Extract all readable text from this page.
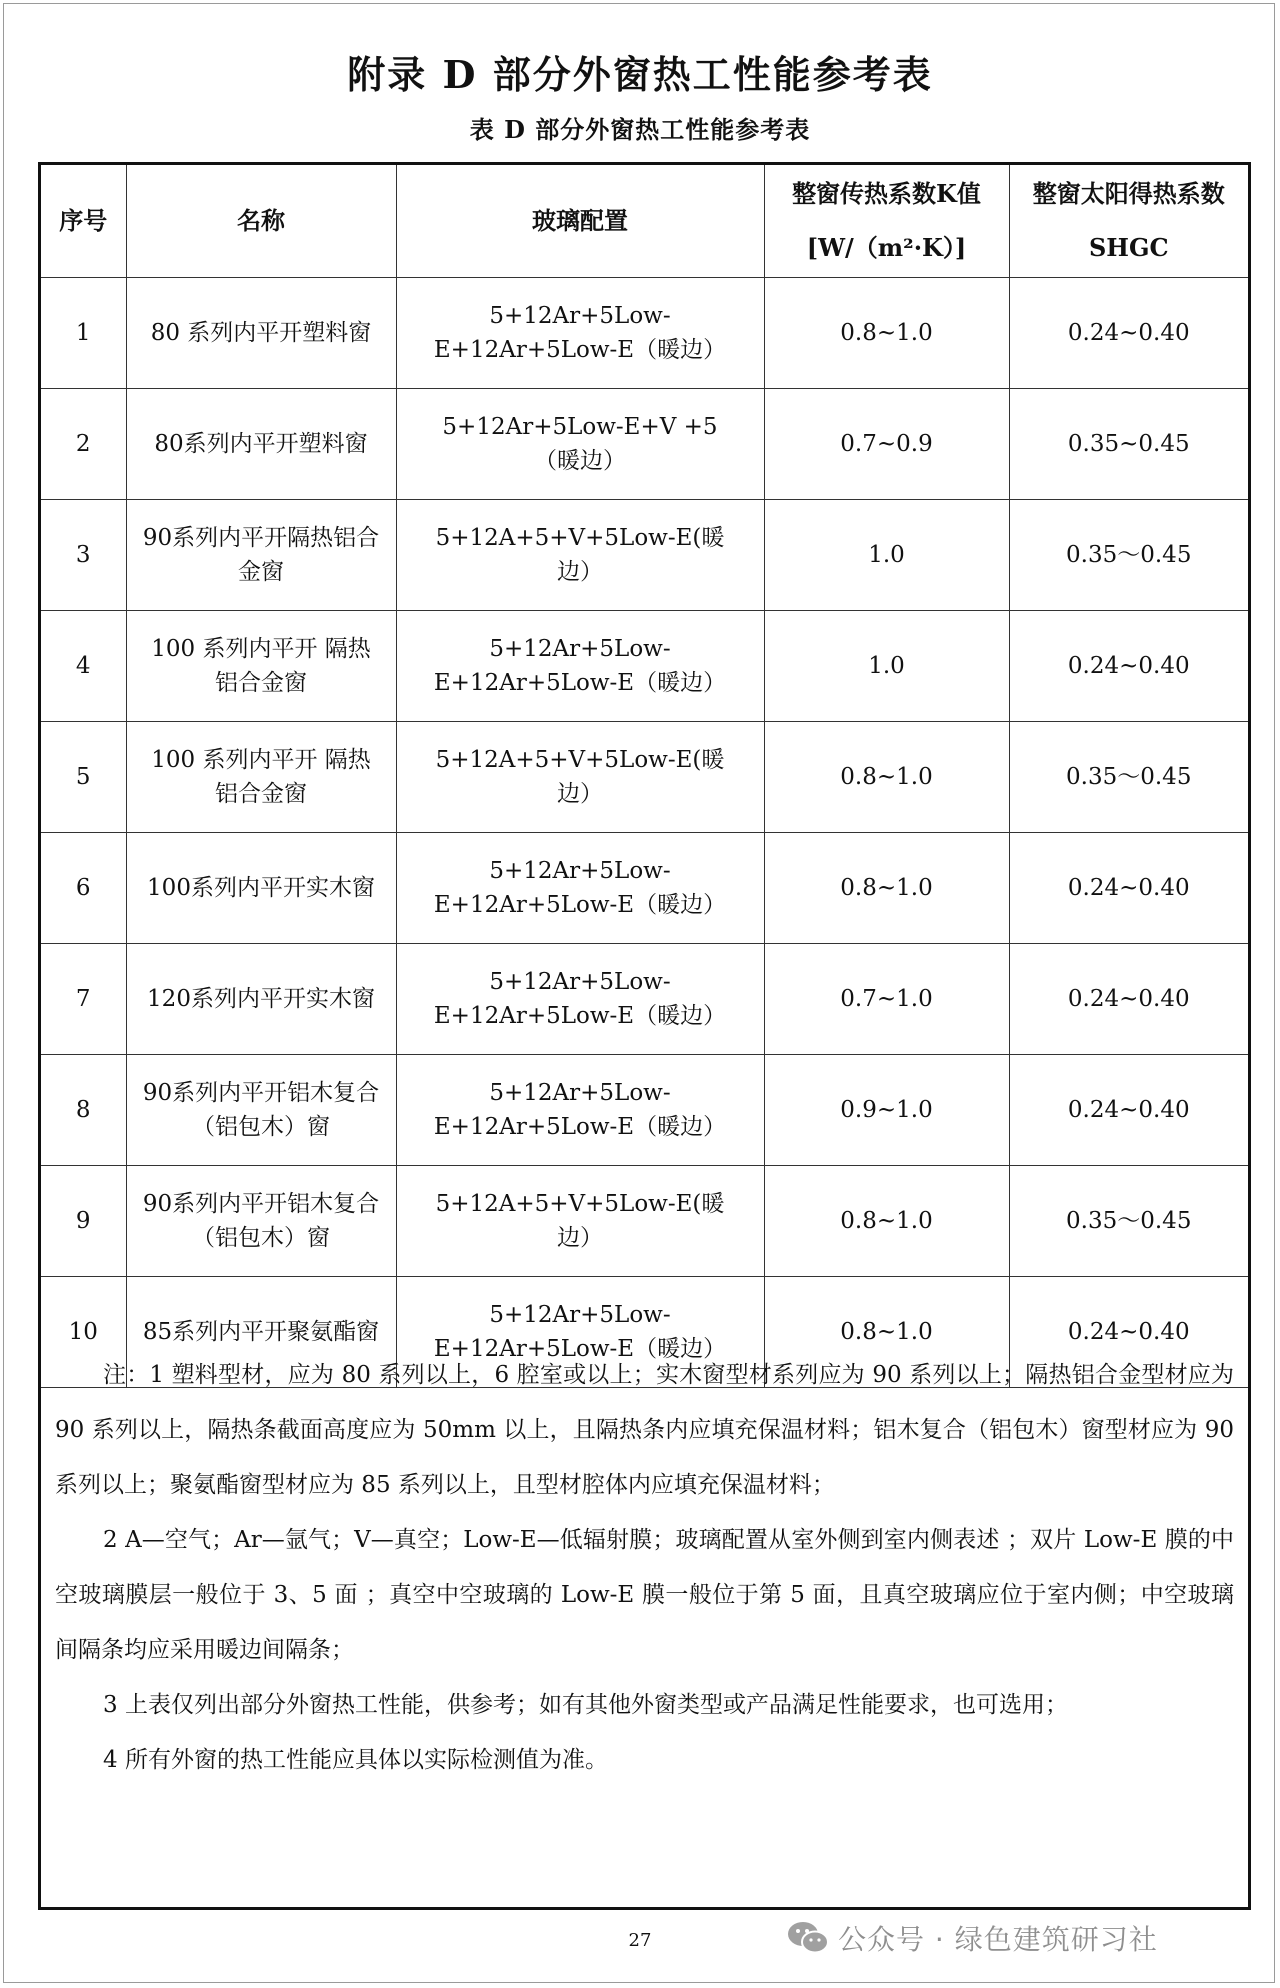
附录 D 部分外窗热工性能参考表
表 D 部分外窗热工性能参考表
序号	名称	玻璃配置	整窗传热系数K值 [W/（m²·K）]	整窗太阳得热系数SHGC
1	80 系列内平开塑料窗	5+12Ar+5Low-E+12Ar+5Low-E（暖边）	0.8~1.0	0.24~0.40
2	80系列内平开塑料窗	5+12Ar+5Low-E+V +5（暖边）	0.7~0.9	0.35~0.45
3	90系列内平开隔热铝合金窗	5+12A+5+V+5Low-E(暖边）	1.0	0.35～0.45
4	100 系列内平开 隔热铝合金窗	5+12Ar+5Low-E+12Ar+5Low-E（暖边）	1.0	0.24~0.40
5	100 系列内平开 隔热铝合金窗	5+12A+5+V+5Low-E(暖边）	0.8~1.0	0.35～0.45
6	100系列内平开实木窗	5+12Ar+5Low-E+12Ar+5Low-E（暖边）	0.8~1.0	0.24~0.40
7	120系列内平开实木窗	5+12Ar+5Low-E+12Ar+5Low-E（暖边）	0.7~1.0	0.24~0.40
8	90系列内平开铝木复合（铝包木）窗	5+12Ar+5Low-E+12Ar+5Low-E（暖边）	0.9~1.0	0.24~0.40
9	90系列内平开铝木复合（铝包木）窗	5+12A+5+V+5Low-E(暖边）	0.8~1.0	0.35～0.45
10	85系列内平开聚氨酯窗	5+12Ar+5Low-E+12Ar+5Low-E（暖边）	0.8~1.0	0.24~0.40

注：1 塑料型材，应为 80 系列以上，6 腔室或以上；实木窗型材系列应为 90 系列以上；隔热铝合金型材应为 90 系列以上，隔热条截面高度应为 50mm 以上，且隔热条内应填充保温材料；铝木复合（铝包木）窗型材应为 90 系列以上；聚氨酯窗型材应为 85 系列以上，且型材腔体内应填充保温材料；

2 A—空气；Ar—氩气；V—真空；Low-E—低辐射膜；玻璃配置从室外侧到室内侧表述 ；双片 Low-E 膜的中空玻璃膜层一般位于 3、5 面 ；真空中空玻璃的 Low-E 膜一般位于第 5 面，且真空玻璃应位于室内侧；中空玻璃间隔条均应采用暖边间隔条；

3 上表仅列出部分外窗热工性能，供参考；如有其他外窗类型或产品满足性能要求，也可选用；

4 所有外窗的热工性能应具体以实际检测值为准。

27	公众号 · 绿色建筑研习社
